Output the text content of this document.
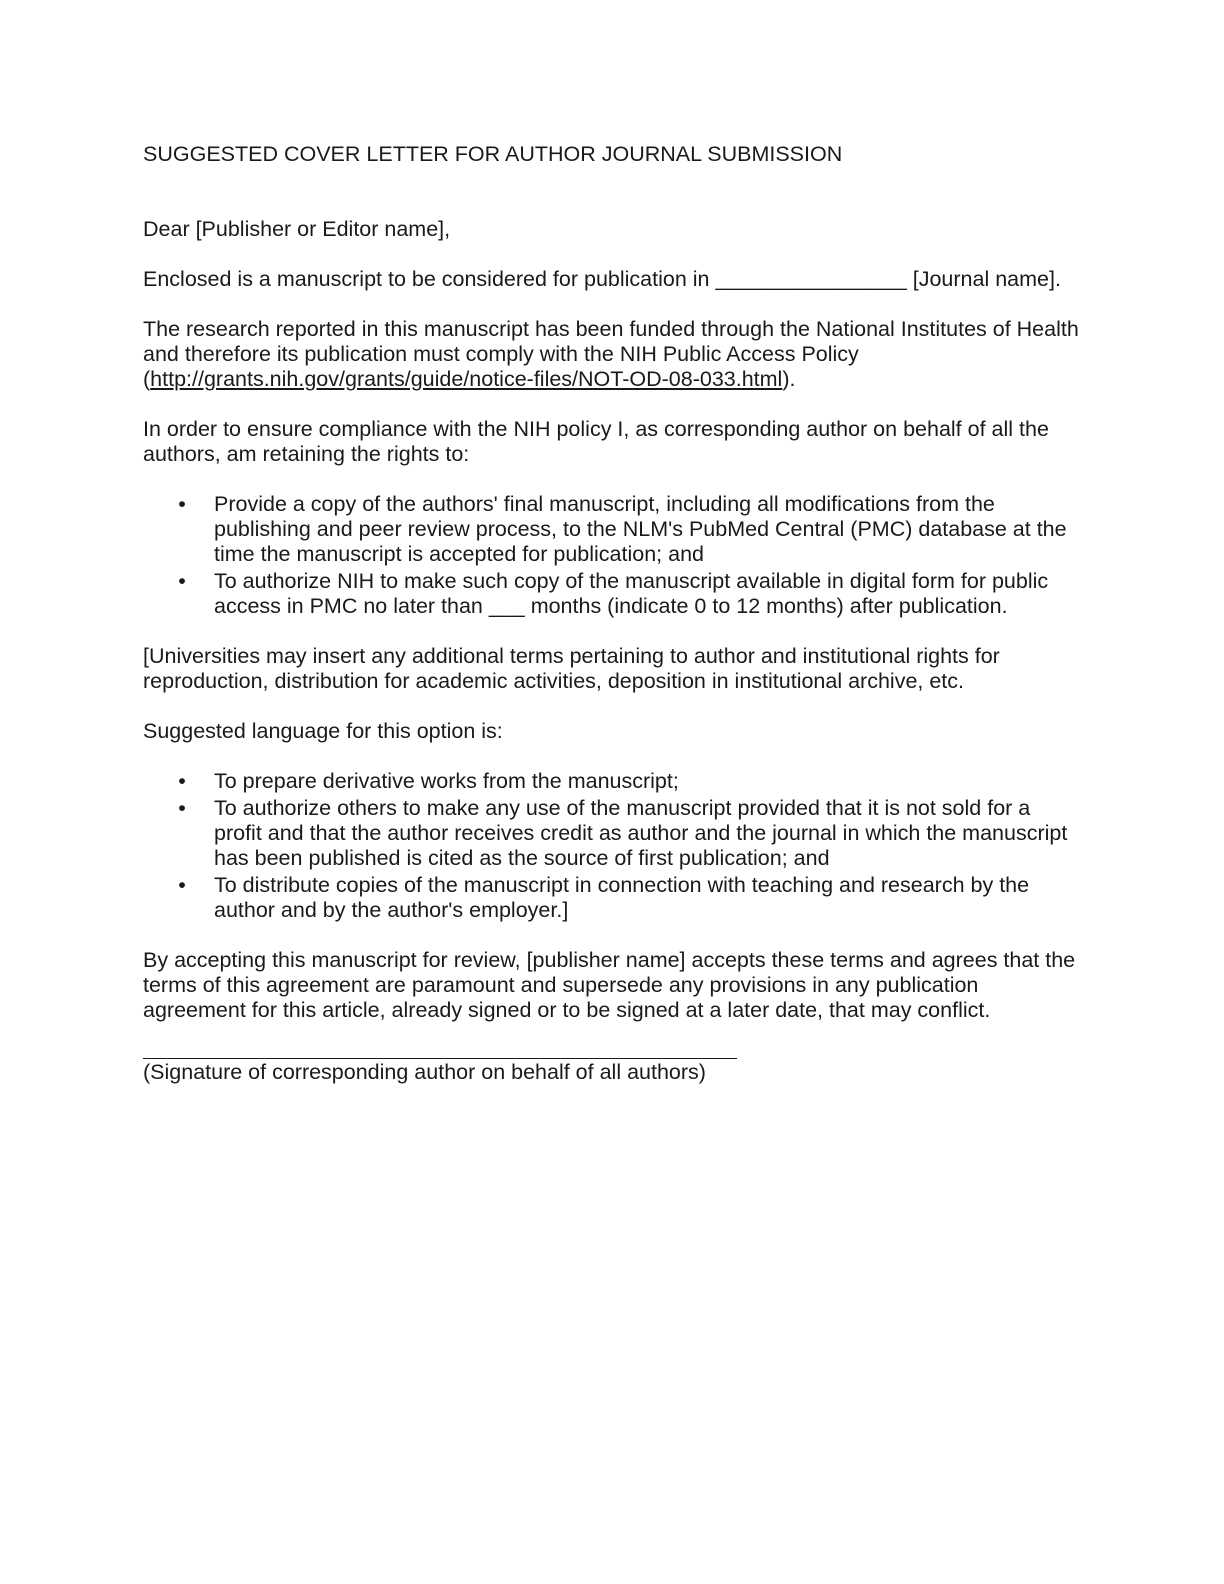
SUGGESTED COVER LETTER FOR AUTHOR JOURNAL SUBMISSION

Dear [Publisher or Editor name],

Enclosed is a manuscript to be considered for publication in ________________ [Journal name].

The research reported in this manuscript has been funded through the National Institutes of Health and therefore its publication must comply with the NIH Public Access Policy (http://grants.nih.gov/grants/guide/notice-files/NOT-OD-08-033.html).

In order to ensure compliance with the NIH policy I, as corresponding author on behalf of all the authors, am retaining the rights to:

• Provide a copy of the authors' final manuscript, including all modifications from the publishing and peer review process, to the NLM's PubMed Central (PMC) database at the time the manuscript is accepted for publication; and
• To authorize NIH to make such copy of the manuscript available in digital form for public access in PMC no later than ___ months (indicate 0 to 12 months) after publication.

[Universities may insert any additional terms pertaining to author and institutional rights for reproduction, distribution for academic activities, deposition in institutional archive, etc.

Suggested language for this option is:

• To prepare derivative works from the manuscript;
• To authorize others to make any use of the manuscript provided that it is not sold for a profit and that the author receives credit as author and the journal in which the manuscript has been published is cited as the source of first publication; and
• To distribute copies of the manuscript in connection with teaching and research by the author and by the author's employer.]

By accepting this manuscript for review, [publisher name] accepts these terms and agrees that the terms of this agreement are paramount and supersede any provisions in any publication agreement for this article, already signed or to be signed at a later date, that may conflict.

(Signature of corresponding author on behalf of all authors)
